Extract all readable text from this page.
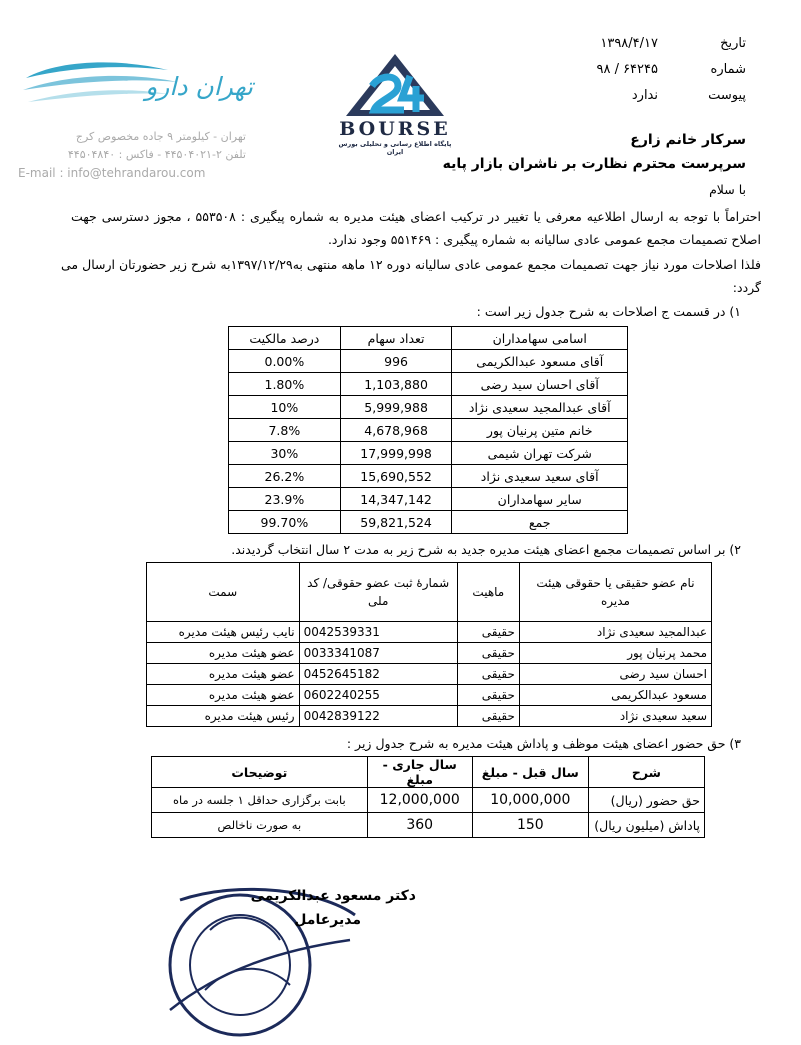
تاریخ
۱۳۹۸/۴/۱۷
شماره
۹۸ / ۶۴۲۴۵
پیوست
ندارد
تهران دارو
تهران - کیلومتر ۹ جاده مخصوص کرج
تلفن ۲-۴۴۵۰۴۰۲۱ - فاکس : ۴۴۵۰۴۸۴۰
E-mail : info@tehrandarou.com
BOURSE
پایگاه اطلاع رسانی و تحلیلی بورس ایران
سرکار خانم زارع
سرپرست محترم نظارت بر ناشران بازار پایه
با سلام
احتراماً با توجه به ارسال اطلاعیه معرفی یا تغییر در ترکیب اعضای هیئت مدیره به شماره پیگیری : ۵۵۳۵۰۸ ، مجوز دسترسی جهت اصلاح تصمیمات مجمع عمومی عادی سالیانه به شماره پیگیری : ۵۵۱۴۶۹ وجود ندارد.
فلذا اصلاحات مورد نیاز جهت تصمیمات مجمع عمومی عادی سالیانه دوره ۱۲ ماهه منتهی به۱۳۹۷/۱۲/۲۹به شرح زیر حضورتان ارسال می گردد:
۱) در قسمت ج اصلاحات به شرح جدول زیر است :
اسامی سهامداران	تعداد سهام	درصد مالکیت
آقای مسعود عبدالکریمی	996	0.00%
آقای احسان سید رضی	1,103,880	1.80%
آقای عبدالمجید سعیدی نژاد	5,999,988	10%
خانم متین پرنیان پور	4,678,968	7.8%
شرکت تهران شیمی	17,999,998	30%
آقای سعید سعیدی نژاد	15,690,552	26.2%
سایر سهامداران	14,347,142	23.9%
جمع	59,821,524	99.70%
۲) بر اساس تصمیمات مجمع اعضای هیئت مدیره جدید به شرح زیر به مدت ۲ سال انتخاب گردیدند.
نام عضو حقیقی یا حقوقی هیئت مدیره	ماهیت	شمارهٔ ثبت عضو حقوقی/ کد ملی	سمت
عبدالمجید سعیدی نژاد	حقیقی	0042539331	نایب رئیس هیئت مدیره
محمد پرنیان پور	حقیقی	0033341087	عضو هیئت مدیره
احسان سید رضی	حقیقی	0452645182	عضو هیئت مدیره
مسعود عبدالکریمی	حقیقی	0602240255	عضو هیئت مدیره
سعید سعیدی نژاد	حقیقی	0042839122	رئیس هیئت مدیره
۳) حق حضور اعضای هیئت موظف و پاداش هیئت مدیره به شرح جدول زیر :
شرح	سال قبل - مبلغ	سال جاری - مبلغ	توضیحات
حق حضور (ریال)	10,000,000	12,000,000	بابت برگزاری حداقل ۱ جلسه در ماه
پاداش (میلیون ریال)	150	360	به صورت ناخالص
دکتر مسعود عبدالکریمی
مدیرعامل
